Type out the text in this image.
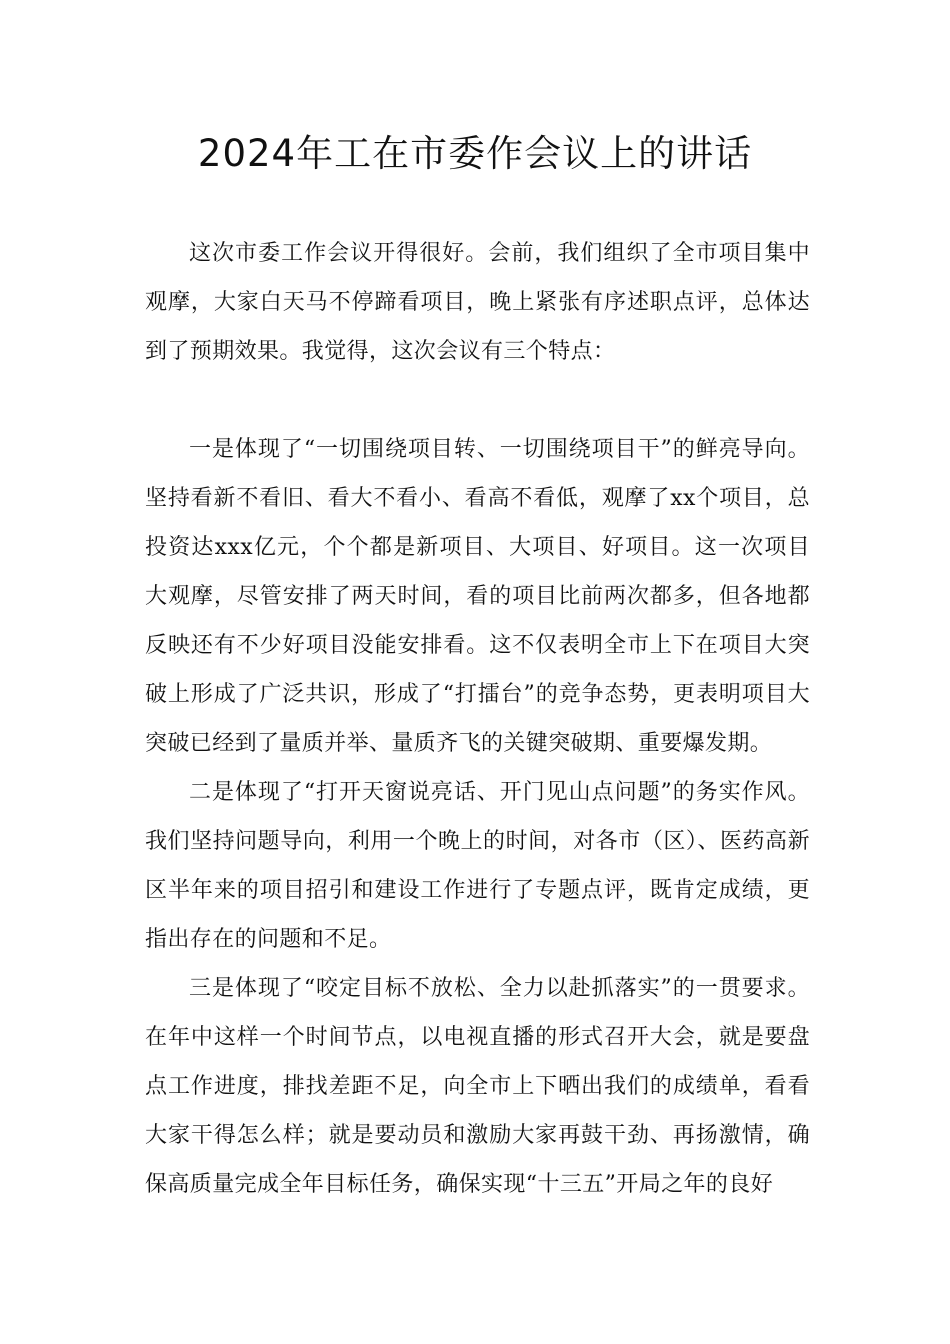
2024年工在市委作会议上的讲话

这次市委工作会议开得很好。会前，我们组织了全市项目集中观摩，大家白天马不停蹄看项目，晚上紧张有序述职点评，总体达到了预期效果。我觉得，这次会议有三个特点：

一是体现了“一切围绕项目转、一切围绕项目干”的鲜亮导向。坚持看新不看旧、看大不看小、看高不看低，观摩了xx个项目，总投资达xxx亿元，个个都是新项目、大项目、好项目。这一次项目大观摩，尽管安排了两天时间，看的项目比前两次都多，但各地都反映还有不少好项目没能安排看。这不仅表明全市上下在项目大突破上形成了广泛共识，形成了“打擂台”的竞争态势，更表明项目大突破已经到了量质并举、量质齐飞的关键突破期、重要爆发期。

二是体现了“打开天窗说亮话、开门见山点问题”的务实作风。我们坚持问题导向，利用一个晚上的时间，对各市（区）、医药高新区半年来的项目招引和建设工作进行了专题点评，既肯定成绩，更指出存在的问题和不足。

三是体现了“咬定目标不放松、全力以赴抓落实”的一贯要求。在年中这样一个时间节点，以电视直播的形式召开大会，就是要盘点工作进度，排找差距不足，向全市上下晒出我们的成绩单，看看大家干得怎么样；就是要动员和激励大家再鼓干劲、再扬激情，确保高质量完成全年目标任务，确保实现“十三五”开局之年的良好
